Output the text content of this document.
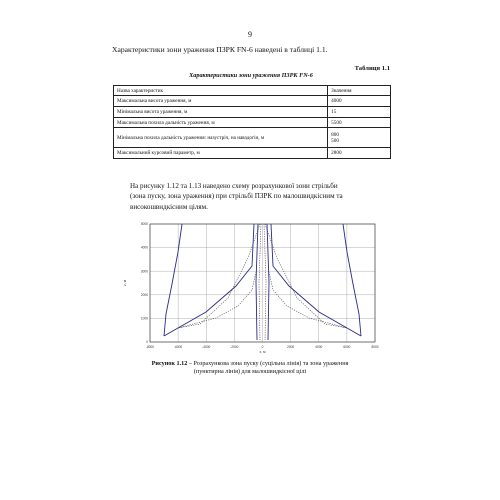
9
Характеристики зони ураження ПЗРК FN-6 наведені в таблиці 1.1.
Таблиця 1.1
Характеристики зони ураження ПЗРК FN-6
Назва характеристик	Значення
Максимальна висота ураження, м	4000
Мінімальна висота ураження, м	15
Максимальна похила дальність ураження, м	5500
Мінімальна похила дальність ураження: назустріч, на навздогін, м	800
500

Максимальний курсовий параметр, м	2800
На рисунку 1.12 та 1.13 наведено схему розрахункової зони стрільби
(зона пуску, зона ураження) при стрільбі ПЗРК по малошвидкісним та
високошвидкісним цілям.
-8000	-6000	-4000	-2000	0	2000	4000	6000	8000
5000
4000
3000
2000
1000
0
x, м
z, м
Рисунок 1.12 – Розрахункова зона пуску (суцільна лінія) та зона ураження
(пунктирна лінія) для малошвидкісної цілі
